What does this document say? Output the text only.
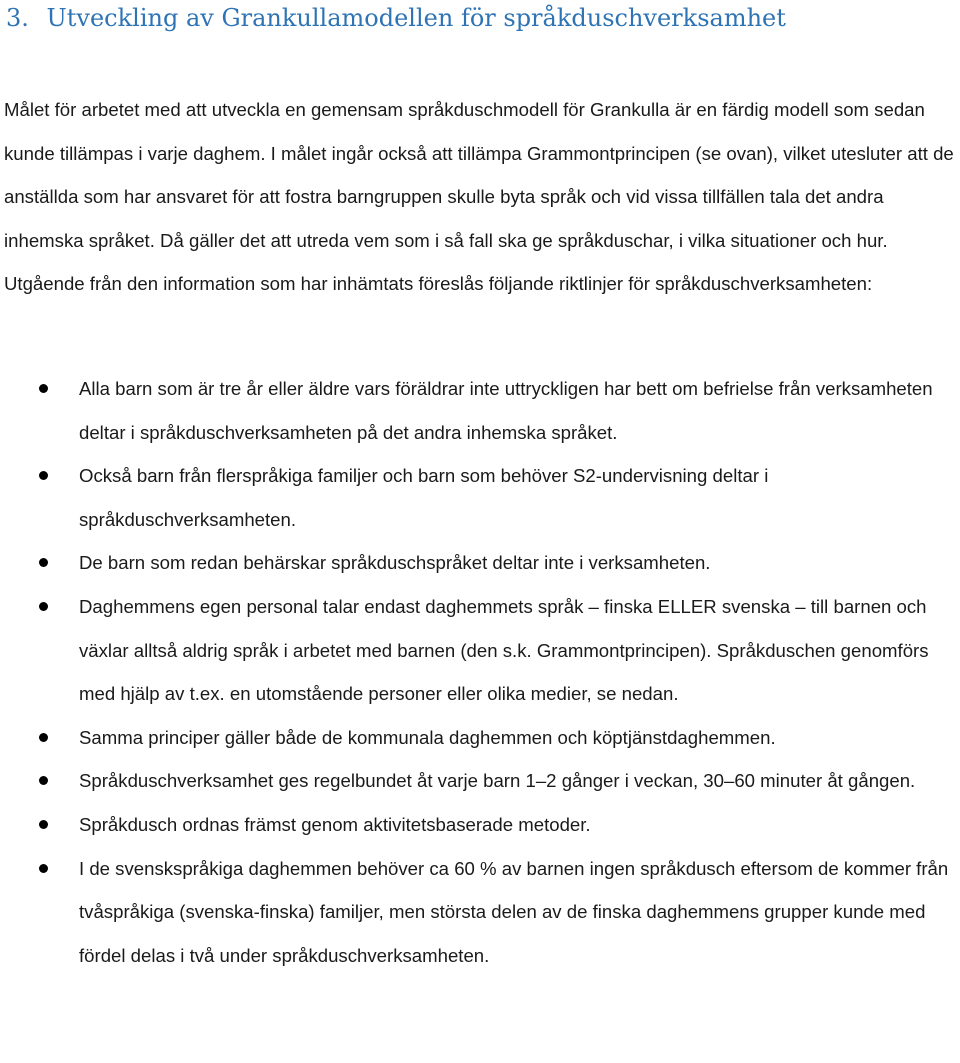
3. Utveckling av Grankullamodellen för språkduschverksamhet

Målet för arbetet med att utveckla en gemensam språkduschmodell för Grankulla är en färdig modell som sedan kunde tillämpas i varje daghem. I målet ingår också att tillämpa Grammontprincipen (se ovan), vilket utesluter att de anställda som har ansvaret för att fostra barngruppen skulle byta språk och vid vissa tillfällen tala det andra inhemska språket. Då gäller det att utreda vem som i så fall ska ge språkduschar, i vilka situationer och hur. Utgående från den information som har inhämtats föreslås följande riktlinjer för språkduschverksamheten:

Alla barn som är tre år eller äldre vars föräldrar inte uttryckligen har bett om befrielse från verksamheten deltar i språkduschverksamheten på det andra inhemska språket.
Också barn från flerspråkiga familjer och barn som behöver S2-undervisning deltar i språkduschverksamheten.
De barn som redan behärskar språkduschspråket deltar inte i verksamheten.
Daghemmens egen personal talar endast daghemmets språk – finska ELLER svenska – till barnen och växlar alltså aldrig språk i arbetet med barnen (den s.k. Grammontprincipen). Språkduschen genomförs med hjälp av t.ex. en utomstående personer eller olika medier, se nedan.
Samma principer gäller både de kommunala daghemmen och köptjänstdaghemmen.
Språkduschverksamhet ges regelbundet åt varje barn 1–2 gånger i veckan, 30–60 minuter åt gången.
Språkdusch ordnas främst genom aktivitetsbaserade metoder.
I de svenskspråkiga daghemmen behöver ca 60 % av barnen ingen språkdusch eftersom de kommer från tvåspråkiga (svenska-finska) familjer, men största delen av de finska daghemmens grupper kunde med fördel delas i två under språkduschverksamheten.
